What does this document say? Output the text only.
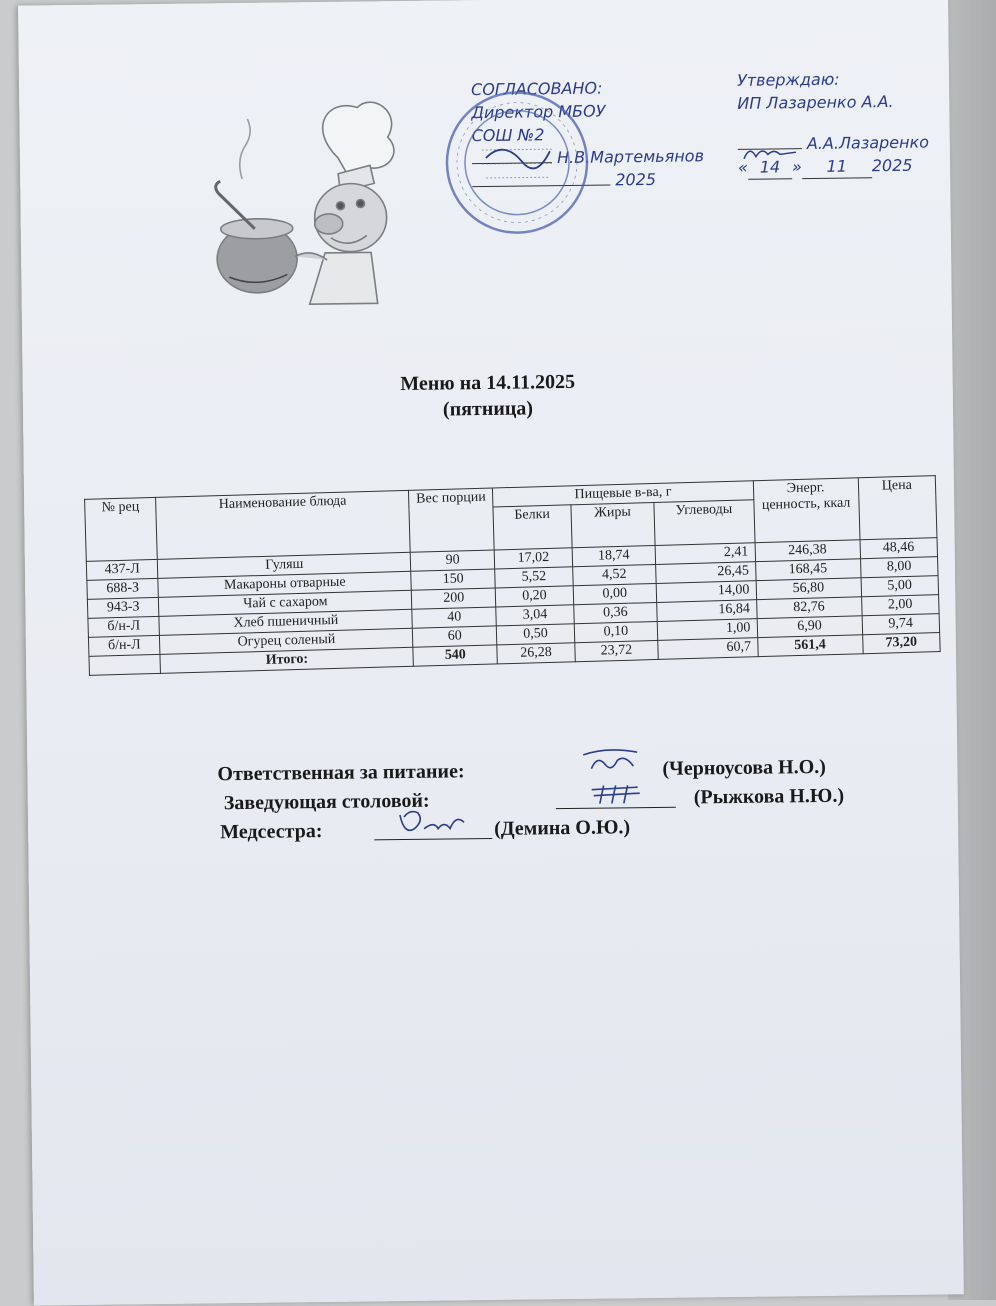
СОГЛАСОВАНО:
Директор МБОУ
СОШ №2
Н.В.Мартемьянов
2025
Утверждаю:
ИП Лазаренко А.А.
А.А.Лазаренко
« 14 » 11 2025
Меню на 14.11.2025
(пятница)
№ рец	Наименование блюда	Вес порции	Пищевые в-ва, г			Энерг. ценность, ккал	Цена
			Белки	Жиры	Углеводы		
437-Л	Гуляш	90	17,02	18,74	2,41	246,38	48,46
688-З	Макароны отварные	150	5,52	4,52	26,45	168,45	8,00
943-З	Чай с сахаром	200	0,20	0,00	14,00	56,80	5,00
б/н-Л	Хлеб пшеничный	40	3,04	0,36	16,84	82,76	2,00
б/н-Л	Огурец соленый	60	0,50	0,10	1,00	6,90	9,74
	Итого:	540	26,28	23,72	60,7	561,4	73,20
Ответственная за питание:	(Черноусова Н.О.)
Заведующая столовой:	(Рыжкова Н.Ю.)
Медсестра:	(Демина О.Ю.)
